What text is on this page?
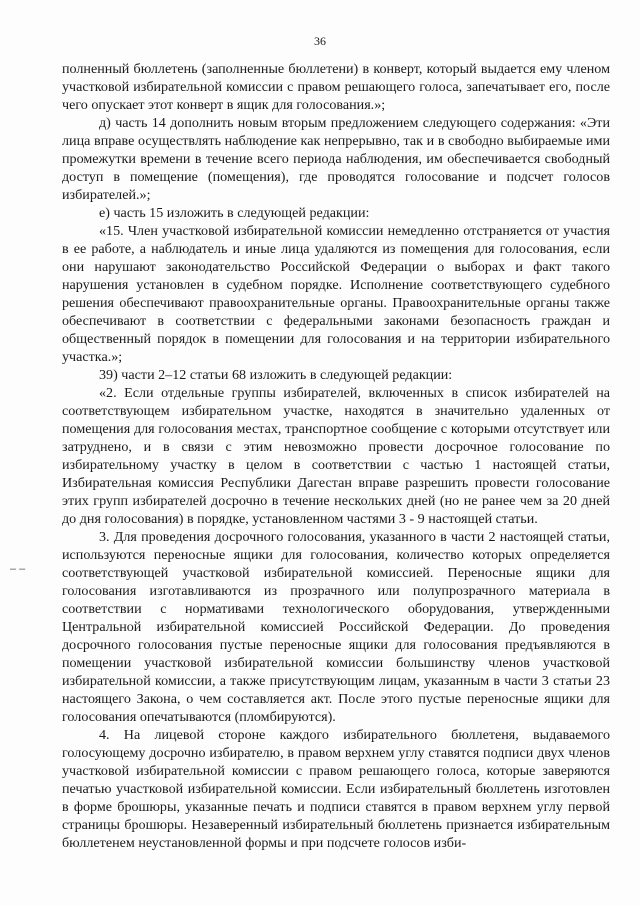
36
– –

полненный бюллетень (заполненные бюллетени) в конверт, который выдается ему членом участковой избирательной комиссии с правом решающего голоса, запечатывает его, после чего опускает этот конверт в ящик для голосования.»;

д) часть 14 дополнить новым вторым предложением следующего содержания: «Эти лица вправе осуществлять наблюдение как непрерывно, так и в свободно выбираемые ими промежутки времени в течение всего периода наблюдения, им обеспечивается свободный доступ в помещение (помещения), где проводятся голосование и подсчет голосов избирателей.»;

е) часть 15 изложить в следующей редакции:

«15. Член участковой избирательной комиссии немедленно отстраняется от участия в ее работе, а наблюдатель и иные лица удаляются из помещения для голосования, если они нарушают законодательство Российской Федерации о выборах и факт такого нарушения установлен в судебном порядке. Исполнение соответствующего судебного решения обеспечивают правоохранительные органы. Правоохранительные органы также обеспечивают в соответствии с федеральными законами безопасность граждан и общественный порядок в помещении для голосования и на территории избирательного участка.»;

39) части 2–12 статьи 68 изложить в следующей редакции:

«2. Если отдельные группы избирателей, включенных в список избирателей на соответствующем избирательном участке, находятся в значительно удаленных от помещения для голосования местах, транспортное сообщение с которыми отсутствует или затруднено, и в связи с этим невозможно провести досрочное голосование по избирательному участку в целом в соответствии с частью 1 настоящей статьи, Избирательная комиссия Республики Дагестан вправе разрешить провести голосование этих групп избирателей досрочно в течение нескольких дней (но не ранее чем за 20 дней до дня голосования) в порядке, установленном частями 3 - 9 настоящей статьи.

3. Для проведения досрочного голосования, указанного в части 2 настоящей статьи, используются переносные ящики для голосования, количество которых определяется соответствующей участковой избирательной комиссией. Переносные ящики для голосования изготавливаются из прозрачного или полупрозрачного материала в соответствии с нормативами технологического оборудования, утвержденными Центральной избирательной комиссией Российской Федерации. До проведения досрочного голосования пустые переносные ящики для голосования предъявляются в помещении участковой избирательной комиссии большинству членов участковой избирательной комиссии, а также присутствующим лицам, указанным в части 3 статьи 23 настоящего Закона, о чем составляется акт. После этого пустые переносные ящики для голосования опечатываются (пломбируются).

4. На лицевой стороне каждого избирательного бюллетеня, выдаваемого голосующему досрочно избирателю, в правом верхнем углу ставятся подписи двух членов участковой избирательной комиссии с правом решающего голоса, которые заверяются печатью участковой избирательной комиссии. Если избирательный бюллетень изготовлен в форме брошюры, указанные печать и подписи ставятся в правом верхнем углу первой страницы брошюры. Незаверенный избирательный бюллетень признается избирательным бюллетенем неустановленной формы и при подсчете голосов изби-
